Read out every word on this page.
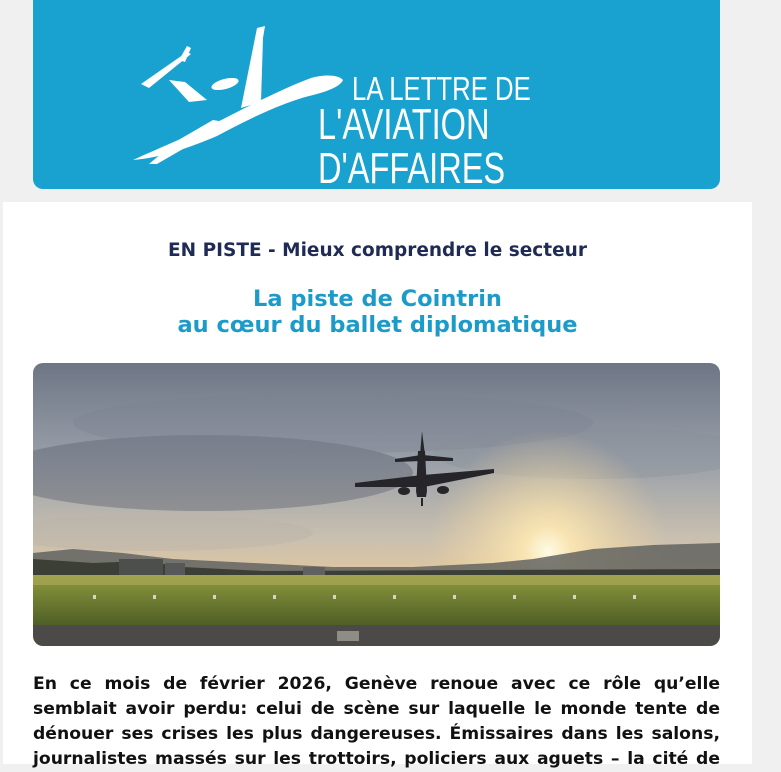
LA LETTRE DE
L'AVIATION D'AFFAIRES
EN PISTE - Mieux comprendre le secteur
La piste de Cointrin
au cœur du ballet diplomatique
En ce mois de février 2026, Genève renoue avec ce rôle qu’elle
semblait avoir perdu: celui de scène sur laquelle le monde tente de
dénouer ses crises les plus dangereuses. Émissaires dans les salons,
journalistes massés sur les trottoirs, policiers aux aguets – la cité de
